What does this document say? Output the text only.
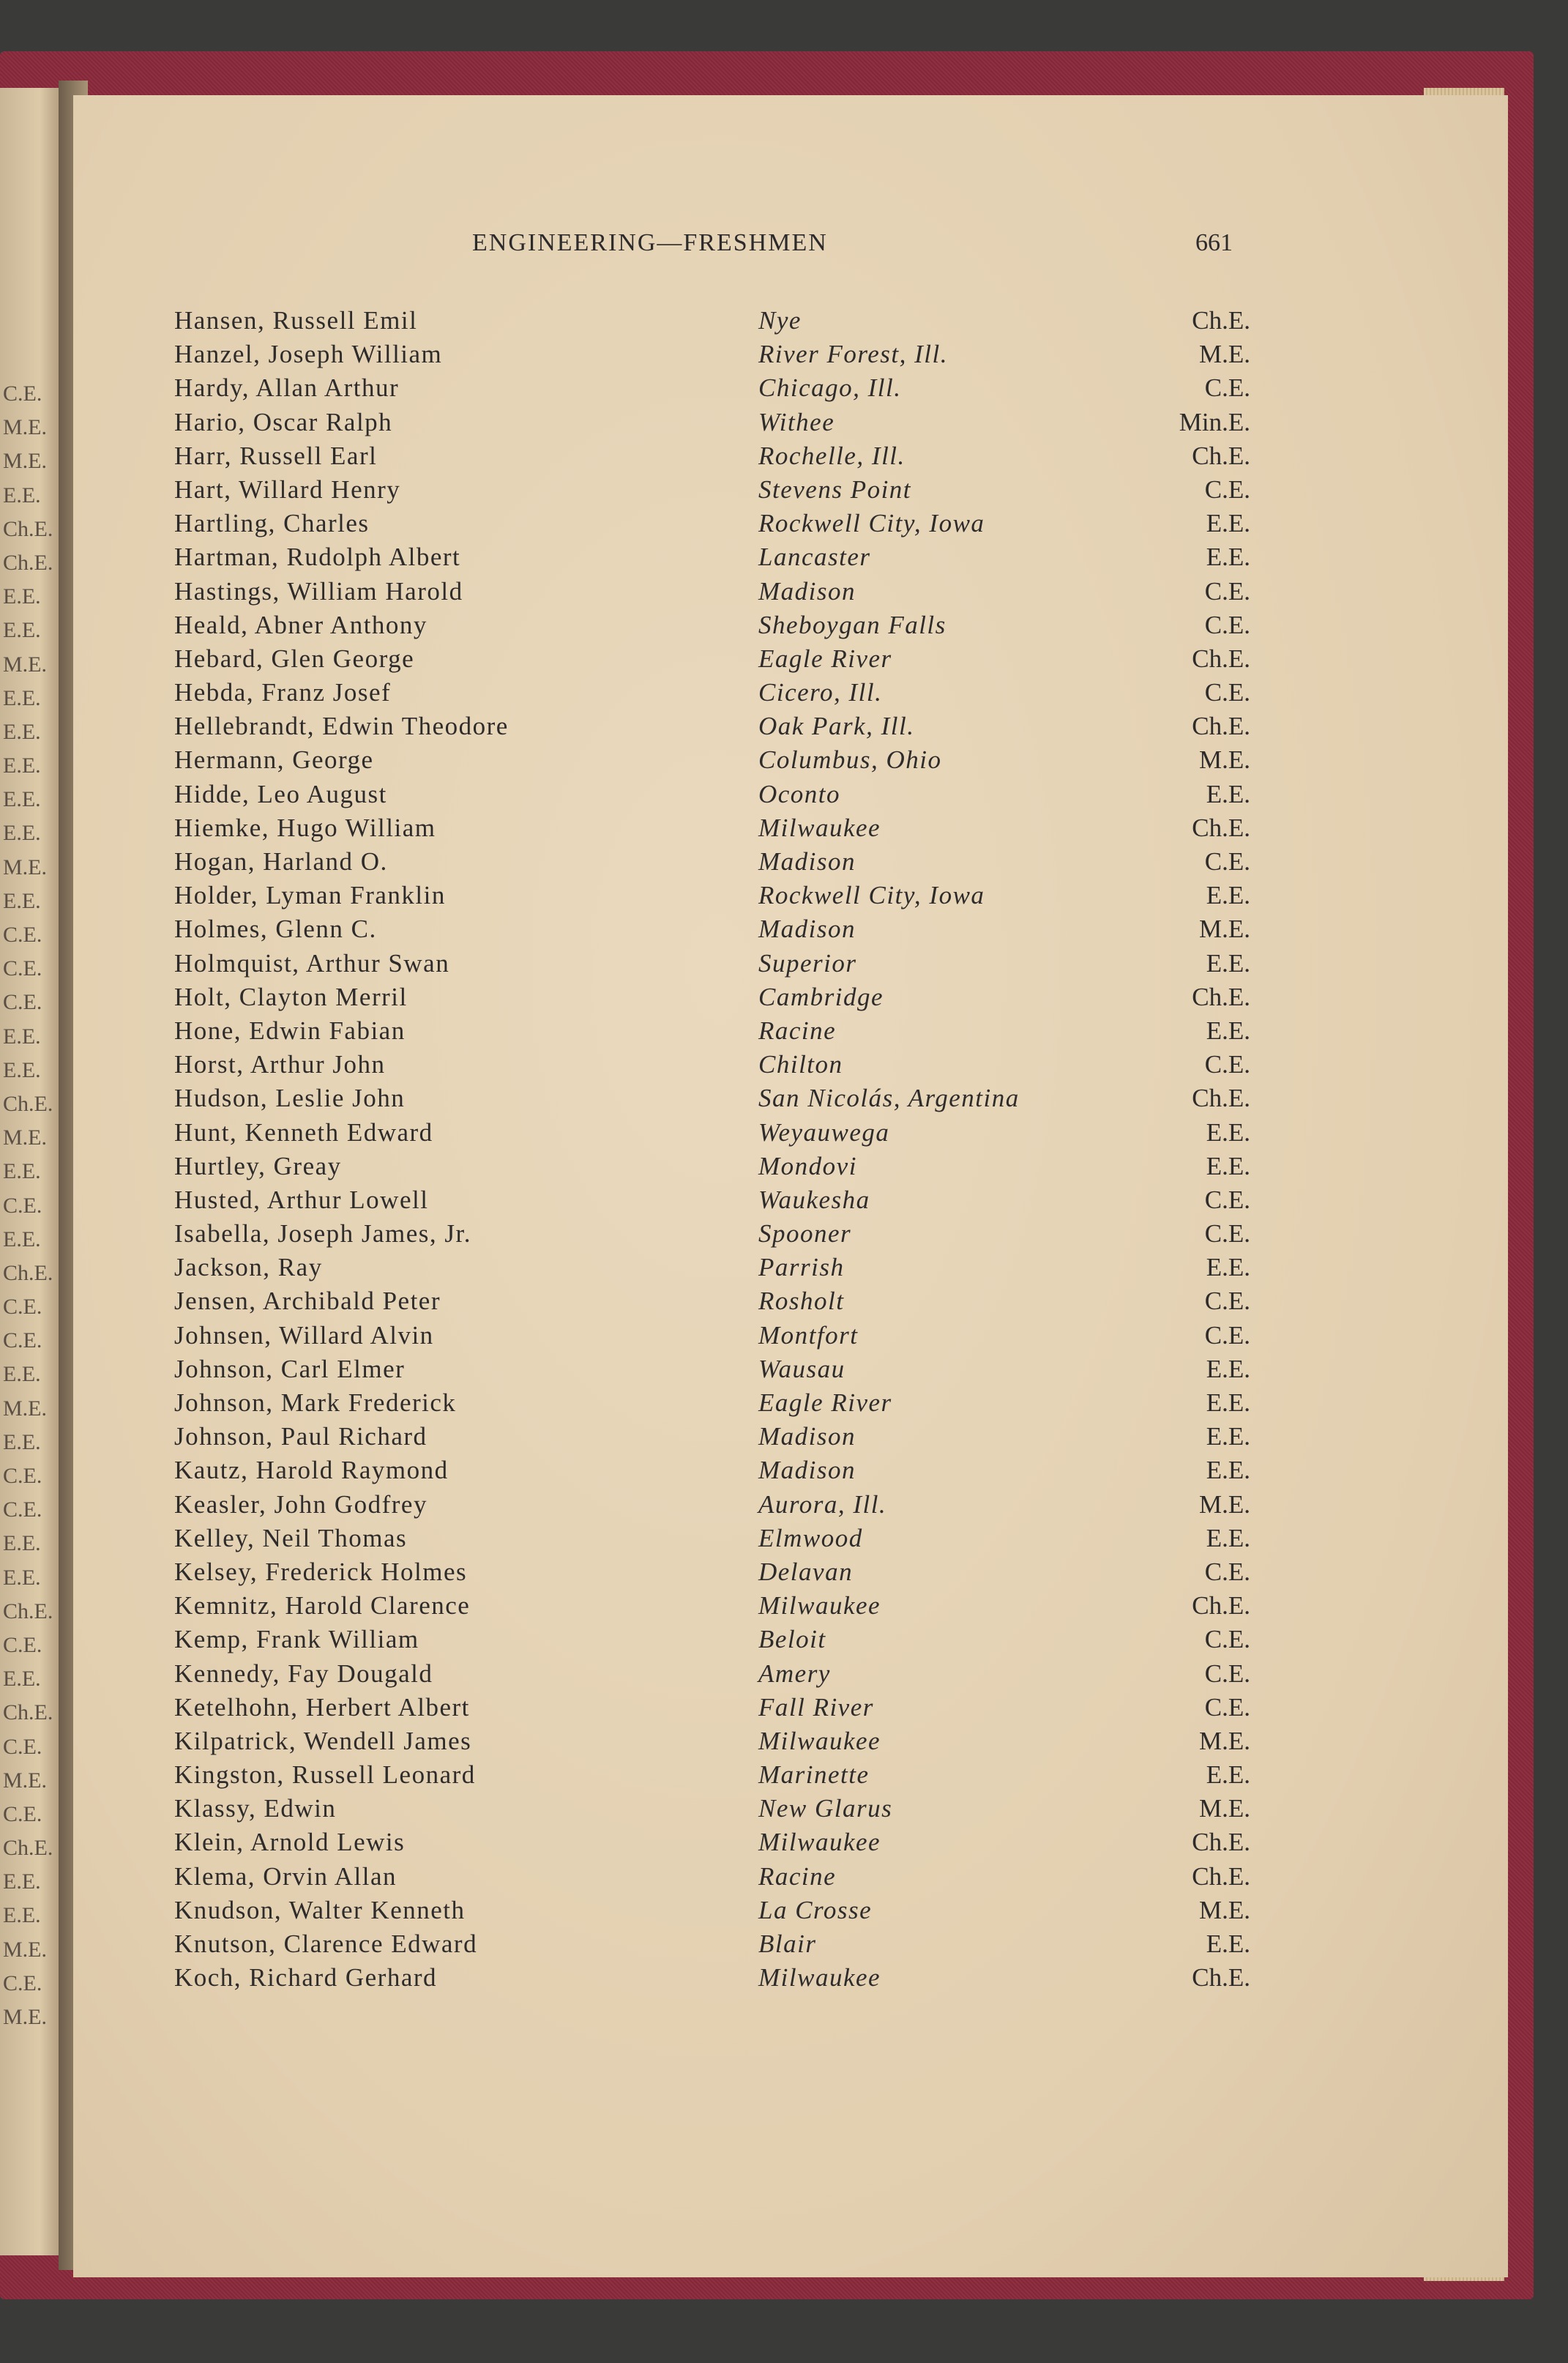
C.E.
M.E.
M.E.
E.E.
Ch.E.
Ch.E.
E.E.
E.E.
M.E.
E.E.
E.E.
E.E.
E.E.
E.E.
M.E.
E.E.
C.E.
C.E.
C.E.
E.E.
E.E.
Ch.E.
M.E.
E.E.
C.E.
E.E.
Ch.E.
C.E.
C.E.
E.E.
M.E.
E.E.
C.E.
C.E.
E.E.
E.E.
Ch.E.
C.E.
E.E.
Ch.E.
C.E.
M.E.
C.E.
Ch.E.
E.E.
E.E.
M.E.
C.E.
M.E.
ENGINEERING—FRESHMEN	661
Hansen, Russell Emil	Nye	Ch.E.
Hanzel, Joseph William	River Forest, Ill.	M.E.
Hardy, Allan Arthur	Chicago, Ill.	C.E.
Hario, Oscar Ralph	Withee	Min.E.
Harr, Russell Earl	Rochelle, Ill.	Ch.E.
Hart, Willard Henry	Stevens Point	C.E.
Hartling, Charles	Rockwell City, Iowa	E.E.
Hartman, Rudolph Albert	Lancaster	E.E.
Hastings, William Harold	Madison	C.E.
Heald, Abner Anthony	Sheboygan Falls	C.E.
Hebard, Glen George	Eagle River	Ch.E.
Hebda, Franz Josef	Cicero, Ill.	C.E.
Hellebrandt, Edwin Theodore	Oak Park, Ill.	Ch.E.
Hermann, George	Columbus, Ohio	M.E.
Hidde, Leo August	Oconto	E.E.
Hiemke, Hugo William	Milwaukee	Ch.E.
Hogan, Harland O.	Madison	C.E.
Holder, Lyman Franklin	Rockwell City, Iowa	E.E.
Holmes, Glenn C.	Madison	M.E.
Holmquist, Arthur Swan	Superior	E.E.
Holt, Clayton Merril	Cambridge	Ch.E.
Hone, Edwin Fabian	Racine	E.E.
Horst, Arthur John	Chilton	C.E.
Hudson, Leslie John	San Nicolás, Argentina	Ch.E.
Hunt, Kenneth Edward	Weyauwega	E.E.
Hurtley, Greay	Mondovi	E.E.
Husted, Arthur Lowell	Waukesha	C.E.
Isabella, Joseph James, Jr.	Spooner	C.E.
Jackson, Ray	Parrish	E.E.
Jensen, Archibald Peter	Rosholt	C.E.
Johnsen, Willard Alvin	Montfort	C.E.
Johnson, Carl Elmer	Wausau	E.E.
Johnson, Mark Frederick	Eagle River	E.E.
Johnson, Paul Richard	Madison	E.E.
Kautz, Harold Raymond	Madison	E.E.
Keasler, John Godfrey	Aurora, Ill.	M.E.
Kelley, Neil Thomas	Elmwood	E.E.
Kelsey, Frederick Holmes	Delavan	C.E.
Kemnitz, Harold Clarence	Milwaukee	Ch.E.
Kemp, Frank William	Beloit	C.E.
Kennedy, Fay Dougald	Amery	C.E.
Ketelhohn, Herbert Albert	Fall River	C.E.
Kilpatrick, Wendell James	Milwaukee	M.E.
Kingston, Russell Leonard	Marinette	E.E.
Klassy, Edwin	New Glarus	M.E.
Klein, Arnold Lewis	Milwaukee	Ch.E.
Klema, Orvin Allan	Racine	Ch.E.
Knudson, Walter Kenneth	La Crosse	M.E.
Knutson, Clarence Edward	Blair	E.E.
Koch, Richard Gerhard	Milwaukee	Ch.E.
